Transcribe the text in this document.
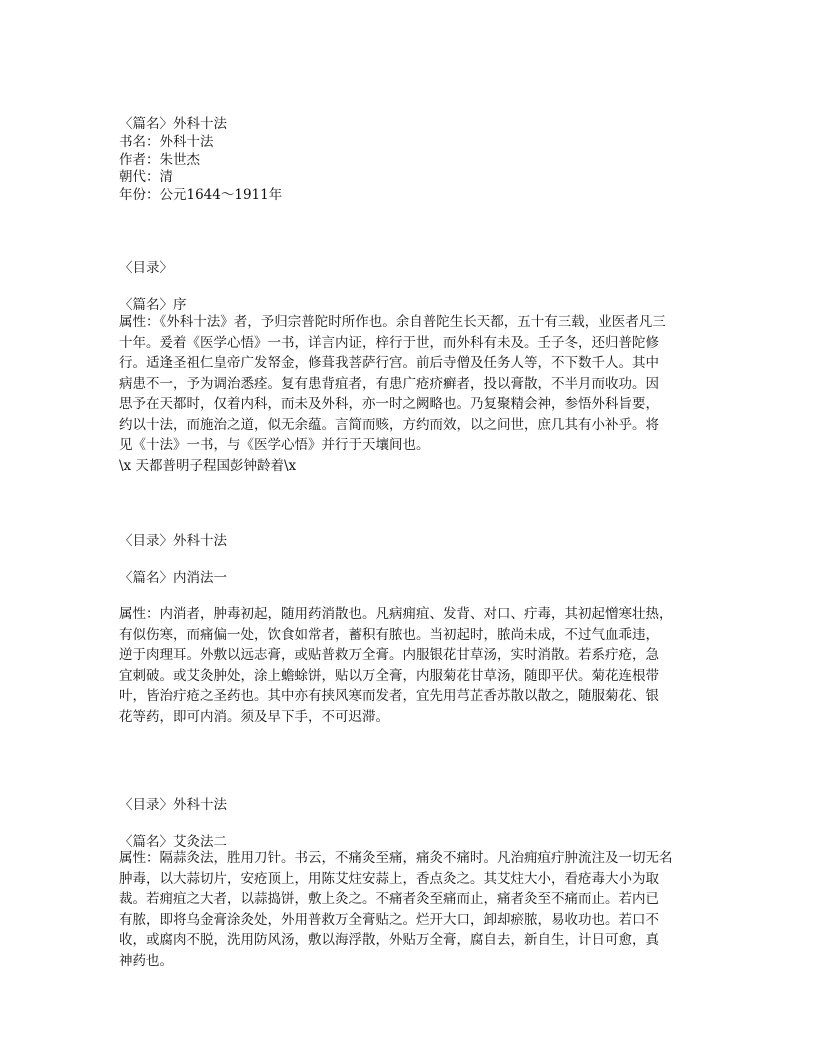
〈篇名〉外科十法
书名：外科十法
作者：朱世杰
朝代：清
年份：公元1644～1911年
〈目录〉
〈篇名〉序
属性：《外科十法》者，予归宗普陀时所作也。余自普陀生长天都，五十有三载，业医者凡三
十年。爰着《医学心悟》一书，详言内证，梓行于世，而外科有未及。壬子冬，还归普陀修
行。适逢圣祖仁皇帝广发帑金，修葺我菩萨行宫。前后寺僧及任务人等，不下数千人。其中
病患不一，予为调治悉痊。复有患背疽者，有患广疮疥癣者，投以膏散，不半月而收功。因
思予在天都时，仅着内科，而未及外科，亦一时之阙略也。乃复聚精会神，参悟外科旨要，
约以十法，而施治之道，似无余蕴。言简而赅，方约而效，以之问世，庶几其有小补乎。将
见《十法》一书，与《医学心悟》并行于天壤间也。
\x 天都普明子程国彭钟龄着\x
〈目录〉外科十法
〈篇名〉内消法一
属性：内消者，肿毒初起，随用药消散也。凡病痈疽、发背、对口、疔毒，其初起憎寒壮热，
有似伤寒，而痛偏一处，饮食如常者，蓄积有脓也。当初起时，脓尚未成，不过气血乖违，
逆于肉理耳。外敷以远志膏，或贴普救万全膏。内服银花甘草汤，实时消散。若系疔疮，急
宜刺破。或艾灸肿处，涂上蟾蜍饼，贴以万全膏，内服菊花甘草汤，随即平伏。菊花连根带
叶，皆治疔疮之圣药也。其中亦有挟风寒而发者，宜先用芎芷香苏散以散之，随服菊花、银
花等药，即可内消。须及早下手，不可迟滞。
〈目录〉外科十法
〈篇名〉艾灸法二
属性：隔蒜灸法，胜用刀针。书云，不痛灸至痛，痛灸不痛时。凡治痈疽疔肿流注及一切无名
肿毒，以大蒜切片，安疮顶上，用陈艾炷安蒜上，香点灸之。其艾炷大小，看疮毒大小为取
裁。若痈疽之大者，以蒜捣饼，敷上灸之。不痛者灸至痛而止，痛者灸至不痛而止。若内已
有脓，即将乌金膏涂灸处，外用普救万全膏贴之。烂开大口，卸却瘀脓，易收功也。若口不
收，或腐肉不脱，洗用防风汤，敷以海浮散，外贴万全膏，腐自去，新自生，计日可愈，真
神药也。
